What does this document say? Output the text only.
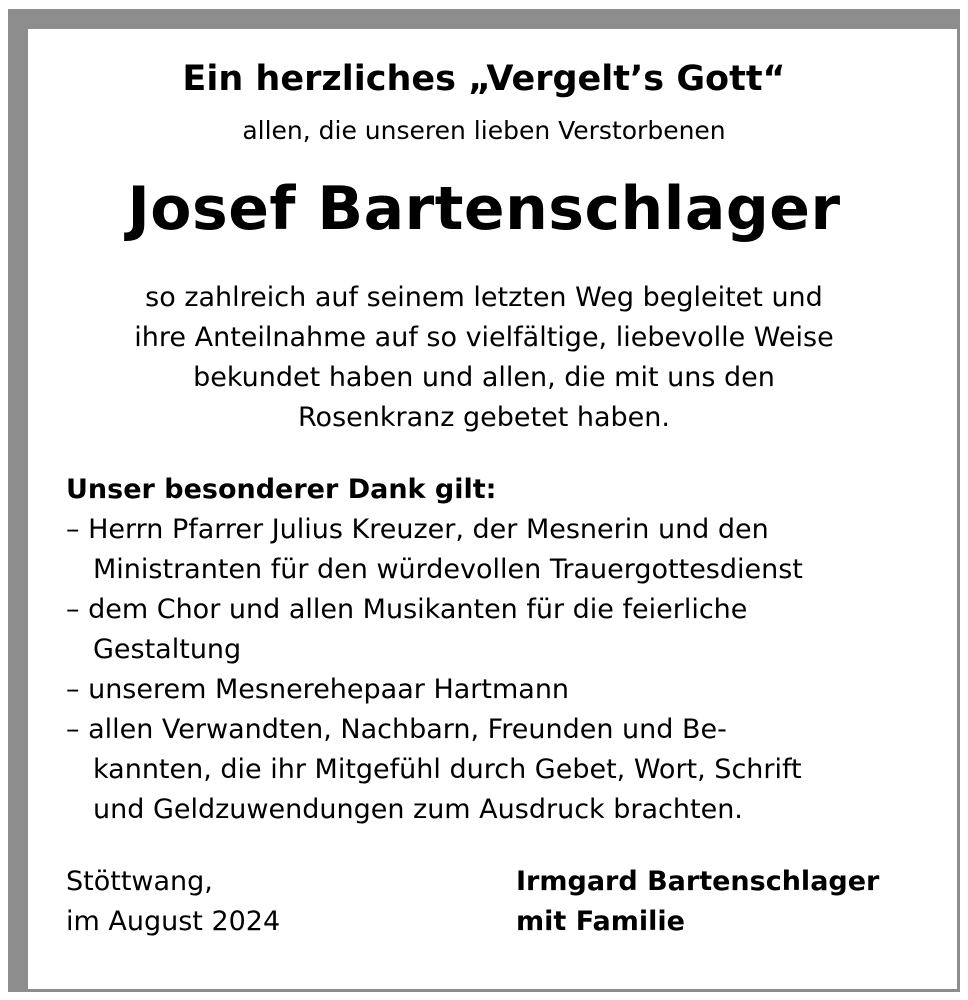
Ein herzliches „Vergelt’s Gott“

allen, die unseren lieben Verstorbenen

Josef Bartenschlager

so zahlreich auf seinem letzten Weg begleitet und

ihre Anteilnahme auf so vielfältige, liebevolle Weise

bekundet haben und allen, die mit uns den

Rosenkranz gebetet haben.

Unser besonderer Dank gilt:

– Herrn Pfarrer Julius Kreuzer, der Mesnerin und den

Ministranten für den würdevollen Trauergottesdienst

– dem Chor und allen Musikanten für die feierliche

Gestaltung

– unserem Mesnerehepaar Hartmann

– allen Verwandten, Nachbarn, Freunden und Be-

kannten, die ihr Mitgefühl durch Gebet, Wort, Schrift

und Geldzuwendungen zum Ausdruck brachten.

Stöttwang,

im August 2024

Irmgard Bartenschlager

mit Familie
